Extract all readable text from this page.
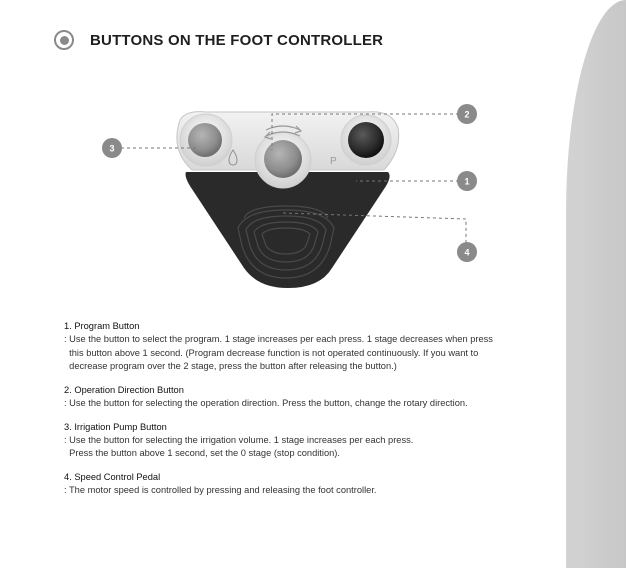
BUTTONS ON THE FOOT CONTROLLER
P
3
2
1
4
1. Program Button
: Use the button to select the program. 1 stage increases per each press. 1 stage decreases when press
this button above 1 second. (Program decrease function is not operated continuously. If you want to
decrease program over the 2 stage, press the button after releasing the button.)
2. Operation Direction Button
: Use the button for selecting the operation direction. Press the button, change the rotary direction.
3. Irrigation Pump Button
: Use the button for selecting the irrigation volume. 1 stage increases per each press.
Press the button above 1 second, set the 0 stage (stop condition).
4. Speed Control Pedal
: The motor speed is controlled by pressing and releasing the foot controller.
